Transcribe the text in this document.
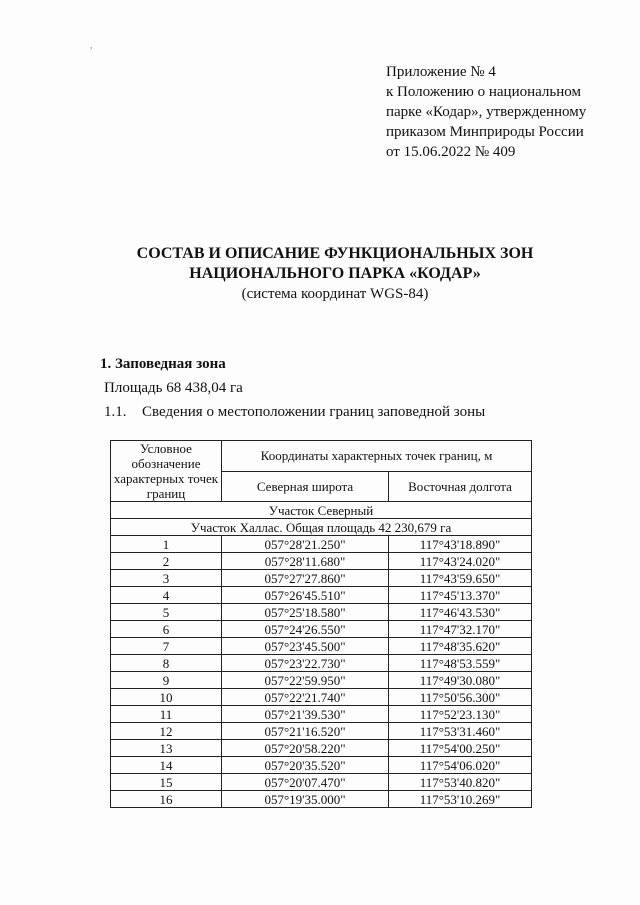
,
Приложение № 4
к Положению о национальном
парке «Кодар», утвержденному
приказом Минприроды России
от 15.06.2022 № 409
СОСТАВ И ОПИСАНИЕ ФУНКЦИОНАЛЬНЫХ ЗОН
НАЦИОНАЛЬНОГО ПАРКА «КОДАР»
(система координат WGS-84)
1. Заповедная зона
Площадь 68 438,04 га
1.1. Сведения о местоположении границ заповедной зоны
Условное обозначение характерных точек границ	Координаты характерных точек границ, м	
	Северная широта	Восточная долгота
Участок Северный		
Участок Халлас. Общая площадь 42 230,679 га		
1	057°28'21.250"	117°43'18.890"
2	057°28'11.680"	117°43'24.020"
3	057°27'27.860"	117°43'59.650"
4	057°26'45.510"	117°45'13.370"
5	057°25'18.580"	117°46'43.530"
6	057°24'26.550"	117°47'32.170"
7	057°23'45.500"	117°48'35.620"
8	057°23'22.730"	117°48'53.559"
9	057°22'59.950"	117°49'30.080"
10	057°22'21.740"	117°50'56.300"
11	057°21'39.530"	117°52'23.130"
12	057°21'16.520"	117°53'31.460"
13	057°20'58.220"	117°54'00.250"
14	057°20'35.520"	117°54'06.020"
15	057°20'07.470"	117°53'40.820"
16	057°19'35.000"	117°53'10.269"
